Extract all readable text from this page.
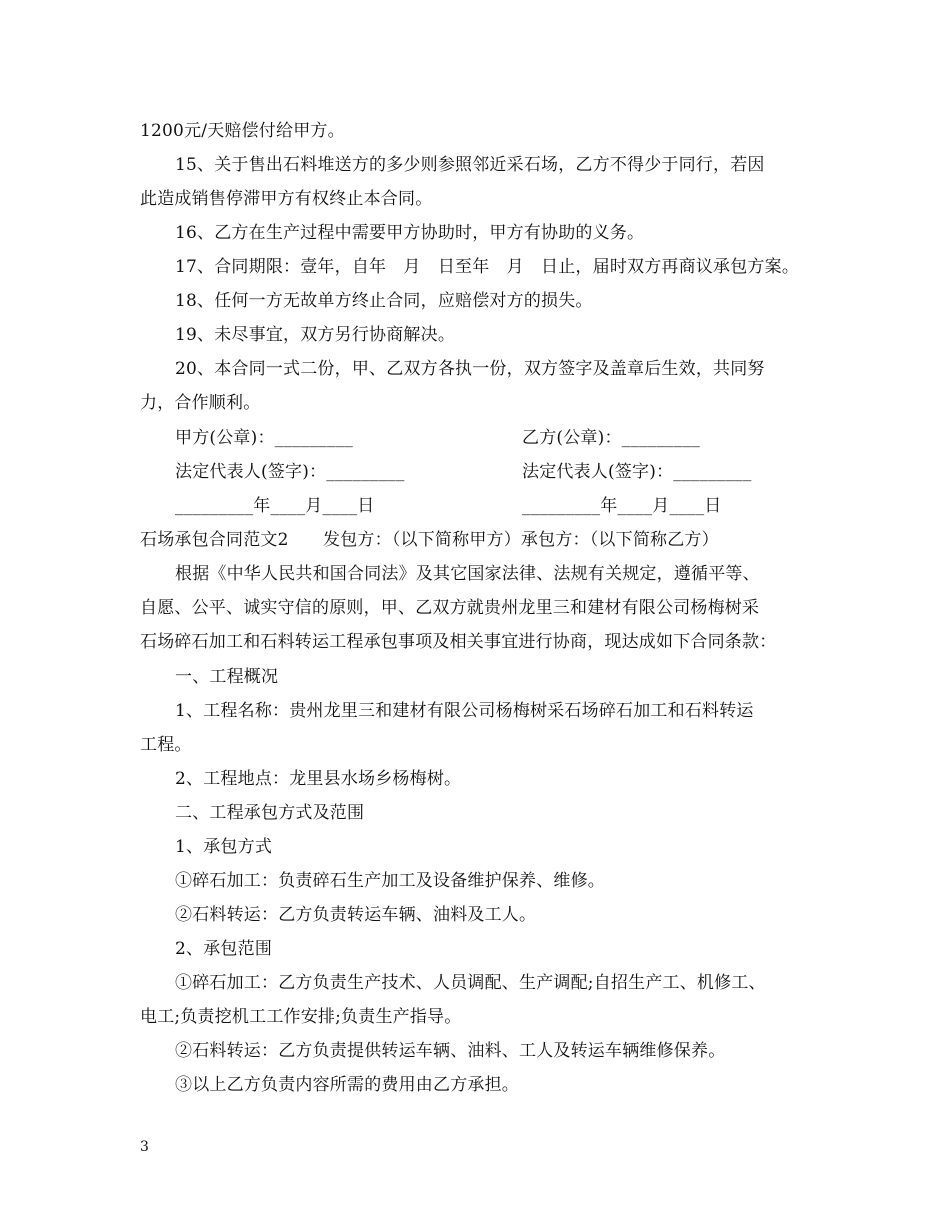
1200元/天赔偿付给甲方。
15、关于售出石料堆送方的多少则参照邻近采石场，乙方不得少于同行，若因
此造成销售停滞甲方有权终止本合同。
16、乙方在生产过程中需要甲方协助时，甲方有协助的义务。
17、合同期限：壹年，自年　月　日至年　月　日止，届时双方再商议承包方案。
18、任何一方无故单方终止合同，应赔偿对方的损失。
19、未尽事宜，双方另行协商解决。
20、本合同一式二份，甲、乙双方各执一份，双方签字及盖章后生效，共同努
力，合作顺利。
甲方(公章)：_________	乙方(公章)：_________
法定代表人(签字)：_________	法定代表人(签字)：_________
_________年____月____日	_________年____月____日
石场承包合同范文2　　发包方：（以下简称甲方）承包方：（以下简称乙方）
根据《中华人民共和国合同法》及其它国家法律、法规有关规定，遵循平等、
自愿、公平、诚实守信的原则，甲、乙双方就贵州龙里三和建材有限公司杨梅树采
石场碎石加工和石料转运工程承包事项及相关事宜进行协商，现达成如下合同条款：
一、工程概况
1、工程名称：贵州龙里三和建材有限公司杨梅树采石场碎石加工和石料转运
工程。
2、工程地点：龙里县水场乡杨梅树。
二、工程承包方式及范围
1、承包方式
①碎石加工：负责碎石生产加工及设备维护保养、维修。
②石料转运：乙方负责转运车辆、油料及工人。
2、承包范围
①碎石加工：乙方负责生产技术、人员调配、生产调配;自招生产工、机修工、
电工;负责挖机工工作安排;负责生产指导。
②石料转运：乙方负责提供转运车辆、油料、工人及转运车辆维修保养。
③以上乙方负责内容所需的费用由乙方承担。
3
